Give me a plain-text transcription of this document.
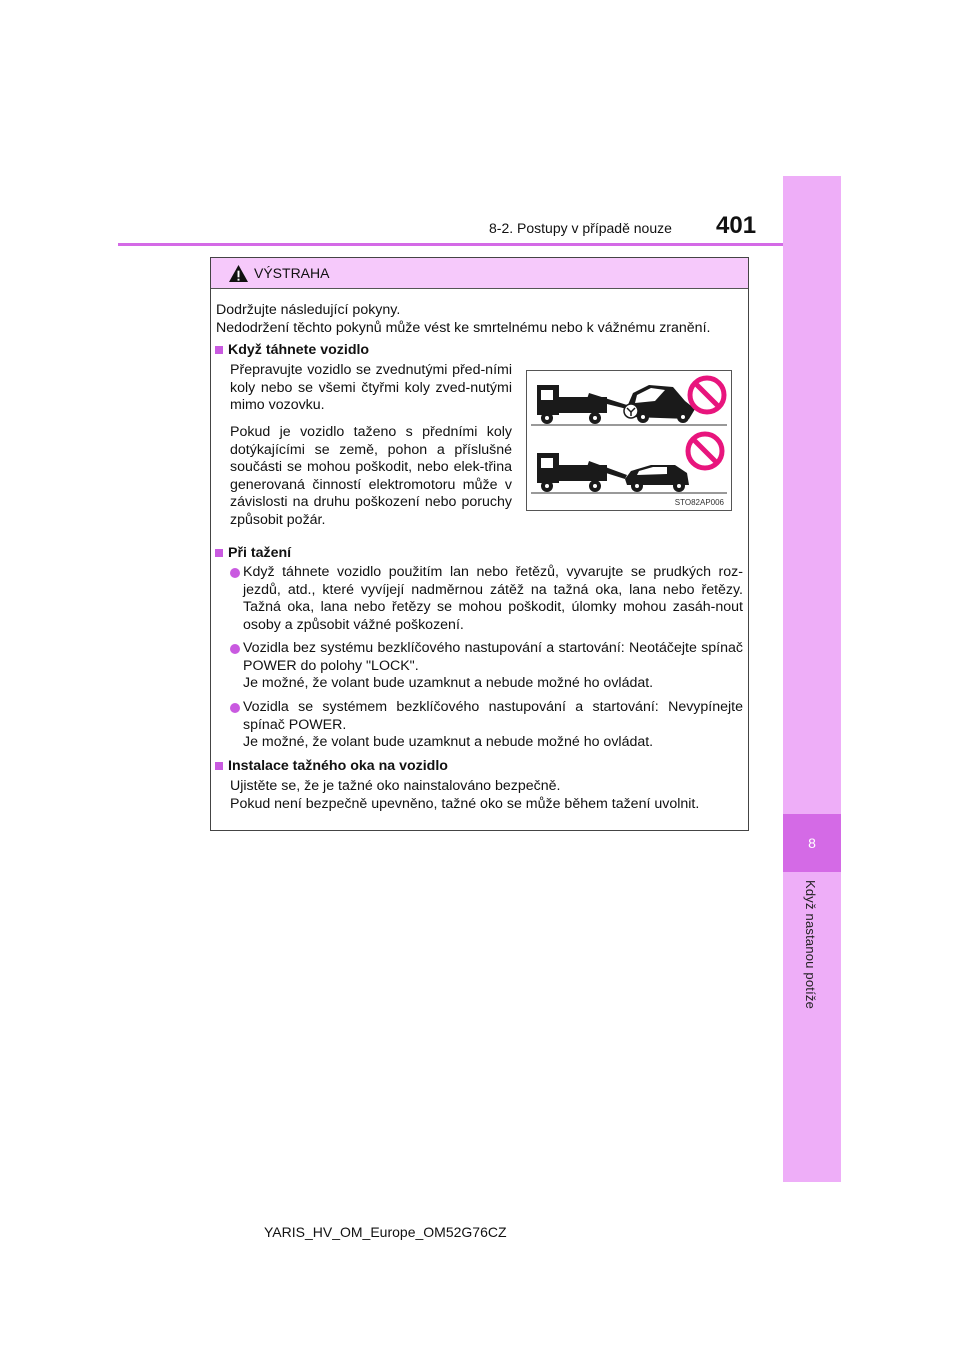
8
Když nastanou potíže
8-2. Postupy v případě nouze 401
VÝSTRAHA
Dodržujte následující pokyny.
Nedodržení těchto pokynů může vést ke smrtelnému nebo k vážnému zranění.
Když táhnete vozidlo
Přepravujte vozidlo se zvednutými před-ními koly nebo se všemi čtyřmi koly zved-nutými mimo vozovku.
Pokud je vozidlo taženo s předními koly dotýkajícími se země, pohon a příslušné součásti se mohou poškodit, nebo elek-třina generovaná činností elektromotoru může v závislosti na druhu poškození nebo poruchy způsobit požár.
STO82AP006
Při tažení
Když táhnete vozidlo použitím lan nebo řetězů, vyvarujte se prudkých roz-jezdů, atd., které vyvíjejí nadměrnou zátěž na tažná oka, lana nebo řetězy. Tažná oka, lana nebo řetězy se mohou poškodit, úlomky mohou zasáh-nout osoby a způsobit vážné poškození.
Vozidla bez systému bezklíčového nastupování a startování: Neotáčejte spínač POWER do polohy "LOCK".
Je možné, že volant bude uzamknut a nebude možné ho ovládat.
Vozidla se systémem bezklíčového nastupování a startování: Nevypínejte spínač POWER.
Je možné, že volant bude uzamknut a nebude možné ho ovládat.
Instalace tažného oka na vozidlo
Ujistěte se, že je tažné oko nainstalováno bezpečně.
Pokud není bezpečně upevněno, tažné oko se může během tažení uvolnit.
YARIS_HV_OM_Europe_OM52G76CZ
